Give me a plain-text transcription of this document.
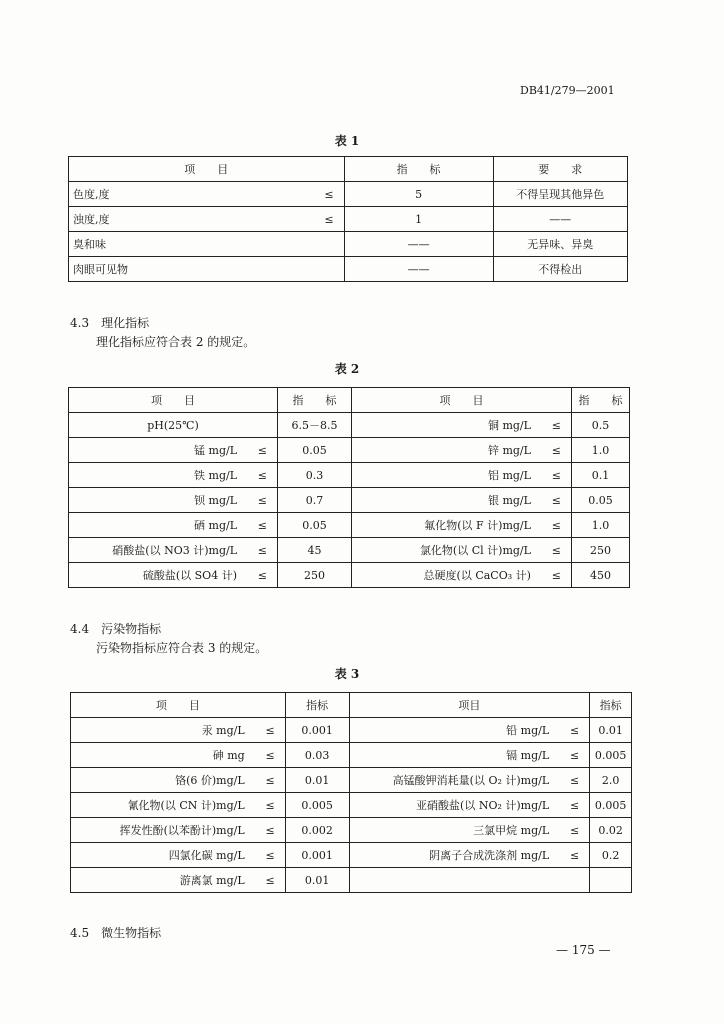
DB41/279—2001
表 1
项　　目		指　　标	要　　求
色度,度	≤	5	不得呈现其他异色
浊度,度	≤	1	——
臭和味		——	无异味、异臭
肉眼可见物		——	不得检出
4.3　理化指标
理化指标应符合表 2 的规定。
表 2
项　　目		指　　标	项　　目		指　　标
pH(25℃)		6.5－8.5	铜 mg/L	≤	0.5
锰 mg/L	≤	0.05	锌 mg/L	≤	1.0
铁 mg/L	≤	0.3	铝 mg/L	≤	0.1
钡 mg/L	≤	0.7	银 mg/L	≤	0.05
硒 mg/L	≤	0.05	氟化物(以 F 计)mg/L	≤	1.0
硝酸盐(以 NO3 计)mg/L	≤	45	氯化物(以 Cl 计)mg/L	≤	250
硫酸盐(以 SO4 计)	≤	250	总硬度(以 CaCO₃ 计)	≤	450
4.4　污染物指标
污染物指标应符合表 3 的规定。
表 3
项　　目		指标	项目		指标
汞 mg/L	≤	0.001	铅 mg/L	≤	0.01
砷 mg	≤	0.03	镉 mg/L	≤	0.005
铬(6 价)mg/L	≤	0.01	高锰酸钾消耗量(以 O₂ 计)mg/L	≤	2.0
氰化物(以 CN 计)mg/L	≤	0.005	亚硝酸盐(以 NO₂ 计)mg/L	≤	0.005
挥发性酚(以苯酚计)mg/L	≤	0.002	三氯甲烷 mg/L	≤	0.02
四氯化碳 mg/L	≤	0.001	阴离子合成洗涤剂 mg/L	≤	0.2
游离氯 mg/L	≤	0.01			
4.5　微生物指标
— 175 —
